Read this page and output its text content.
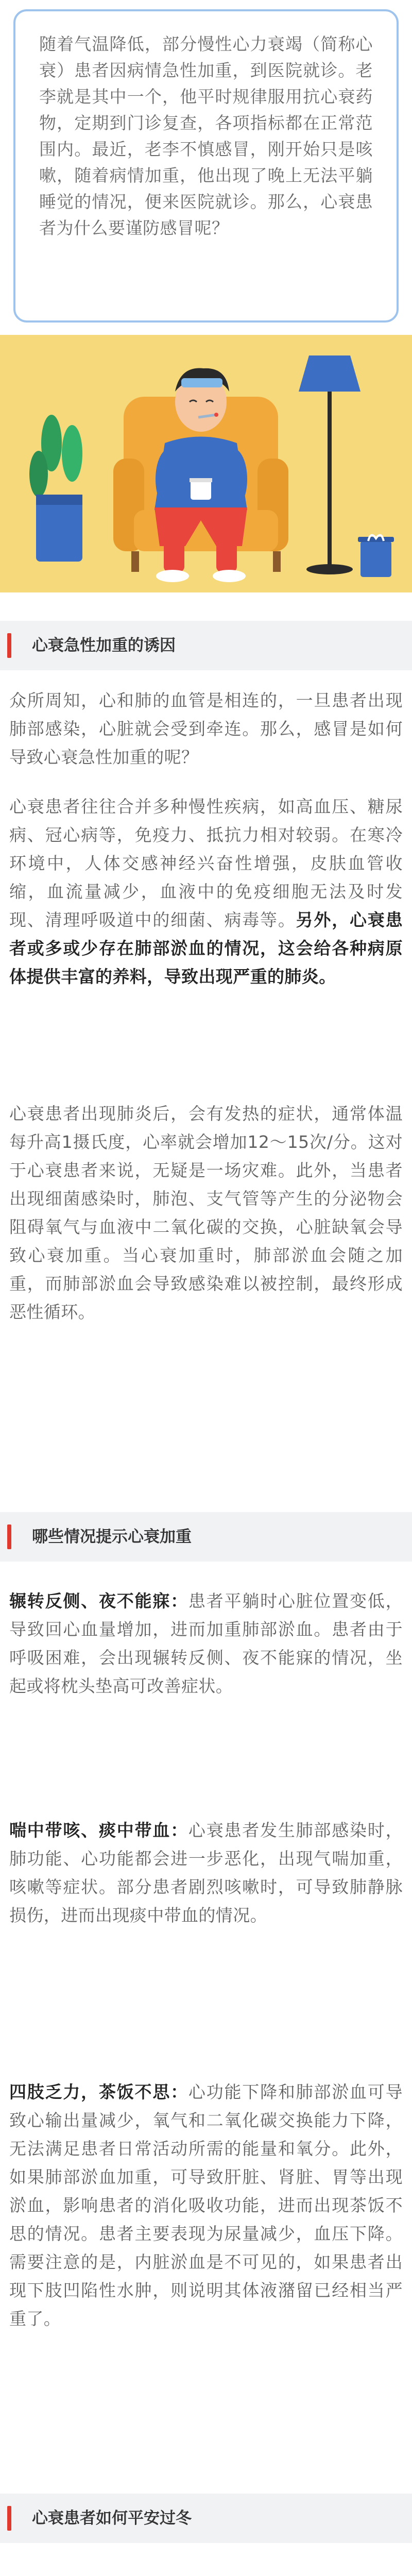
随着气温降低，部分慢性心力衰竭（简称心衰）患者因病情急性加重，到医院就诊。老李就是其中一个，他平时规律服用抗心衰药物，定期到门诊复查，各项指标都在正常范围内。最近，老李不慎感冒，刚开始只是咳嗽，随着病情加重，他出现了晚上无法平躺睡觉的情况，便来医院就诊。那么，心衰患者为什么要谨防感冒呢？

心衰急性加重的诱因

众所周知，心和肺的血管是相连的，一旦患者出现肺部感染，心脏就会受到牵连。那么，感冒是如何导致心衰急性加重的呢？

心衰患者往往合并多种慢性疾病，如高血压、糖尿病、冠心病等，免疫力、抵抗力相对较弱。在寒冷环境中，人体交感神经兴奋性增强，皮肤血管收缩，血流量减少，血液中的免疫细胞无法及时发现、清理呼吸道中的细菌、病毒等。另外，心衰患者或多或少存在肺部淤血的情况，这会给各种病原体提供丰富的养料，导致出现严重的肺炎。

心衰患者出现肺炎后，会有发热的症状，通常体温每升高1摄氏度，心率就会增加12～15次/分。这对于心衰患者来说，无疑是一场灾难。此外，当患者出现细菌感染时，肺泡、支气管等产生的分泌物会阻碍氧气与血液中二氧化碳的交换，心脏缺氧会导致心衰加重。当心衰加重时，肺部淤血会随之加重，而肺部淤血会导致感染难以被控制，最终形成恶性循环。

哪些情况提示心衰加重

辗转反侧、夜不能寐：患者平躺时心脏位置变低，导致回心血量增加，进而加重肺部淤血。患者由于呼吸困难，会出现辗转反侧、夜不能寐的情况，坐起或将枕头垫高可改善症状。

喘中带咳、痰中带血：心衰患者发生肺部感染时，肺功能、心功能都会进一步恶化，出现气喘加重，咳嗽等症状。部分患者剧烈咳嗽时，可导致肺静脉损伤，进而出现痰中带血的情况。

四肢乏力，茶饭不思：心功能下降和肺部淤血可导致心输出量减少，氧气和二氧化碳交换能力下降，无法满足患者日常活动所需的能量和氧分。此外，如果肺部淤血加重，可导致肝脏、肾脏、胃等出现淤血，影响患者的消化吸收功能，进而出现茶饭不思的情况。患者主要表现为尿量减少，血压下降。需要注意的是，内脏淤血是不可见的，如果患者出现下肢凹陷性水肿，则说明其体液潴留已经相当严重了。

心衰患者如何平安过冬
